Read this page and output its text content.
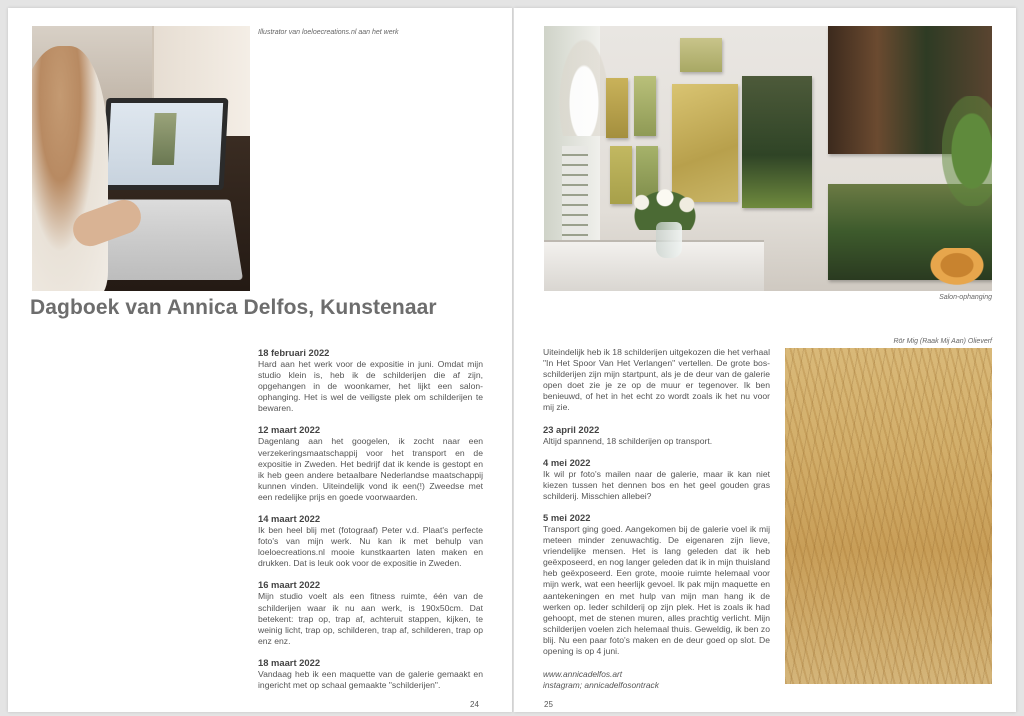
Illustrator van loeloecreations.nl aan het werk
Dagboek van Annica Delfos, Kunstenaar	Salon-ophanging
Rör Mig (Raak Mij Aan) Olieverf
18 februari 2022
Hard aan het werk voor de expositie in juni. Omdat mijn studio klein is, heb ik de schilderijen die af zijn, opgehangen in de woonkamer, het lijkt een salon-ophanging. Het is wel de veiligste plek om schilderijen te bewaren.
12 maart 2022
Dagenlang aan het googelen, ik zocht naar een verzekeringsmaatschappij voor het transport en de expositie in Zweden. Het bedrijf dat ik kende is gestopt en ik heb geen andere betaalbare Nederlandse maatschappij kunnen vinden. Uiteindelijk vond ik een(!) Zweedse met een redelijke prijs en goede voorwaarden.
14 maart 2022
Ik ben heel blij met (fotograaf) Peter v.d. Plaat's perfecte foto's van mijn werk. Nu kan ik met behulp van loeloecreations.nl mooie kunstkaarten laten maken en drukken. Dat is leuk ook voor de expositie in Zweden.
16 maart 2022
Mijn studio voelt als een fitness ruimte, één van de schilderijen waar ik nu aan werk, is 190x50cm. Dat betekent: trap op, trap af, achteruit stappen, kijken, te weinig licht, trap op, schilderen, trap af, schilderen, trap op enz enz.
18 maart 2022
Vandaag heb ik een maquette van de galerie gemaakt en ingericht met op schaal gemaakte "schilderijen".
Uiteindelijk heb ik 18 schilderijen uitgekozen die het verhaal "In Het Spoor Van Het Verlangen" vertellen. De grote bos-schilderijen zijn mijn startpunt, als je de deur van de galerie open doet zie je ze op de muur er tegenover. Ik ben benieuwd, of het in het echt zo wordt zoals ik het nu voor mij zie.
23 april 2022
Altijd spannend, 18 schilderijen op transport.
4 mei 2022
Ik wil pr foto's mailen naar de galerie, maar ik kan niet kiezen tussen het dennen bos en het geel gouden gras schilderij. Misschien allebei?
5 mei 2022
Transport ging goed. Aangekomen bij de galerie voel ik mij meteen minder zenuwachtig. De eigenaren zijn lieve, vriendelijke mensen. Het is lang geleden dat ik heb geëxposeerd, en nog langer geleden dat ik in mijn thuisland heb geëxposeerd. Een grote, mooie ruimte helemaal voor mijn werk, wat een heerlijk gevoel. Ik pak mijn maquette en aantekeningen en met hulp van mijn man hang ik de werken op. Ieder schilderij op zijn plek. Het is zoals ik had gehoopt, met de stenen muren, alles prachtig verlicht. Mijn schilderijen voelen zich helemaal thuis. Geweldig, ik ben zo blij. Nu een paar foto's maken en de deur goed op slot. De opening is op 4 juni.
www.annicadelfos.art
instagram; annicadelfosontrack
24	25
